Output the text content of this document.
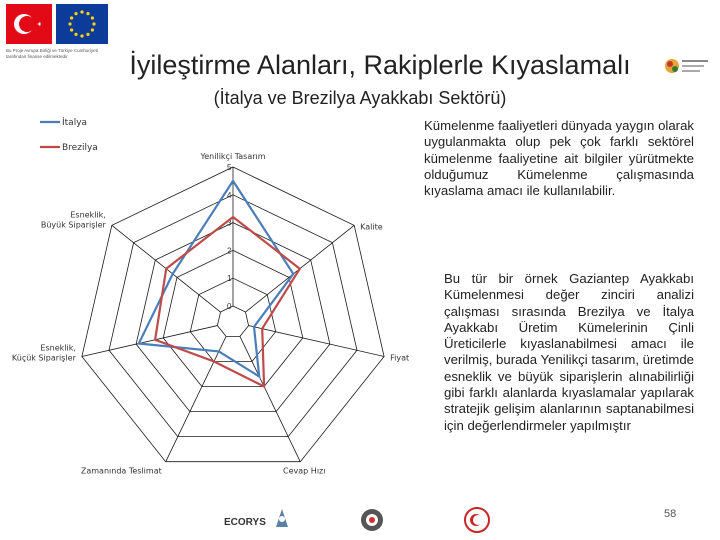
Bu Proje Avrupa Birliği ve Türkiye Cumhuriyeti tarafından finanse edilmektedir	İyileştirme Alanları, Rakiplerle Kıyaslamalı
(İtalya ve Brezilya Ayakkabı Sektörü)
0
1
2
3
4
5
Yenilikçi Tasarım
Kalite
Fiyat
Cevap Hızı
Zamanında Teslimat
Esneklik, Küçük Siparişler
Esneklik, Büyük Siparişler
İtalya
Brezilya
Kümelenme faaliyetleri dünyada yaygın olarak uygulanmakta olup pek çok farklı sektörel kümelenme faaliyetine ait bilgiler yürütmekte olduğumuz Kümelenme çalışmasında kıyaslama amacı ile kullanılabilir.
Bu tür bir örnek Gaziantep Ayakkabı Kümelenmesi değer zinciri analizi çalışması sırasında Brezilya ve İtalya Ayakkabı Üretim Kümelerinin Çinli Üreticilerle kıyaslanabilmesi amacı ile verilmiş, burada Yenilikçi tasarım, üretimde esneklik ve büyük siparişlerin alınabilirliği gibi farklı alanlarda kıyaslamalar yapılarak stratejik gelişim alanlarının saptanabilmesi için değerlendirmeler yapılmıştır
ECORYS
58
